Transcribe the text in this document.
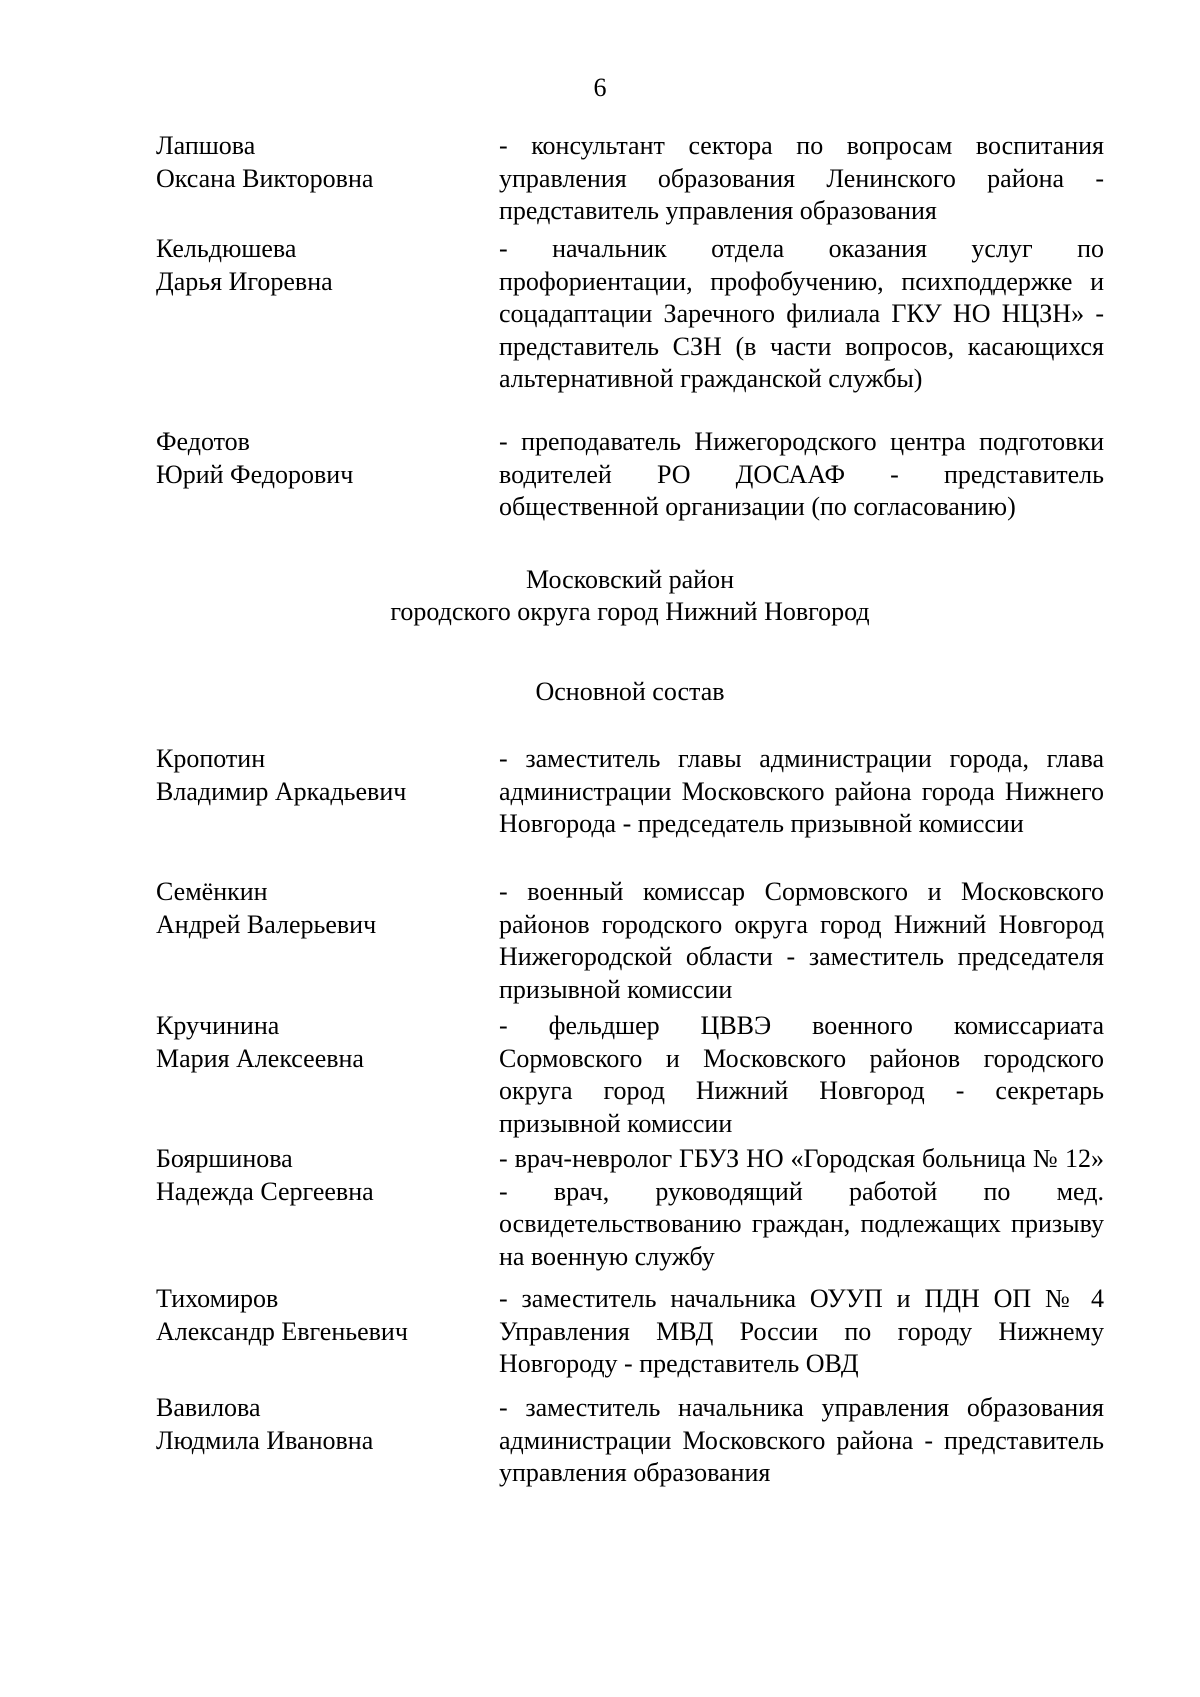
6
Лапшова
Оксана Викторовна
- консультант сектора по вопросам воспитания управления образования Ленинского района - представитель управления образования
Кельдюшева
Дарья Игоревна
- начальник отдела оказания услуг по профориентации, профобучению, психподдержке и соцадаптации Заречного филиала ГКУ НО НЦЗН» - представитель СЗН (в части вопросов, касающихся альтернативной гражданской службы)
Федотов
Юрий Федорович
- преподаватель Нижегородского центра подготовки водителей РО ДОСААФ - представитель общественной организации (по согласованию)
Московский район
городского округа город Нижний Новгород
Основной состав
Кропотин
Владимир Аркадьевич
- заместитель главы администрации города, глава администрации Московского района города Нижнего Новгорода - председатель призывной комиссии
Семёнкин
Андрей Валерьевич
- военный комиссар Сормовского и Московского районов городского округа город Нижний Новгород Нижегородской области - заместитель председателя призывной комиссии
Кручинина
Мария Алексеевна
- фельдшер ЦВВЭ военного комиссариата Сормовского и Московского районов городского округа город Нижний Новгород - секретарь призывной комиссии
Бояршинова
Надежда Сергеевна
- врач-невролог ГБУЗ НО «Городская больница № 12» - врач, руководящий работой по мед. освидетельствованию граждан, подлежащих призыву на военную службу
Тихомиров
Александр Евгеньевич
- заместитель начальника ОУУП и ПДН ОП № 4 Управления МВД России по городу Нижнему Новгороду - представитель ОВД
Вавилова
Людмила Ивановна
- заместитель начальника управления образования администрации Московского района - представитель управления образования
